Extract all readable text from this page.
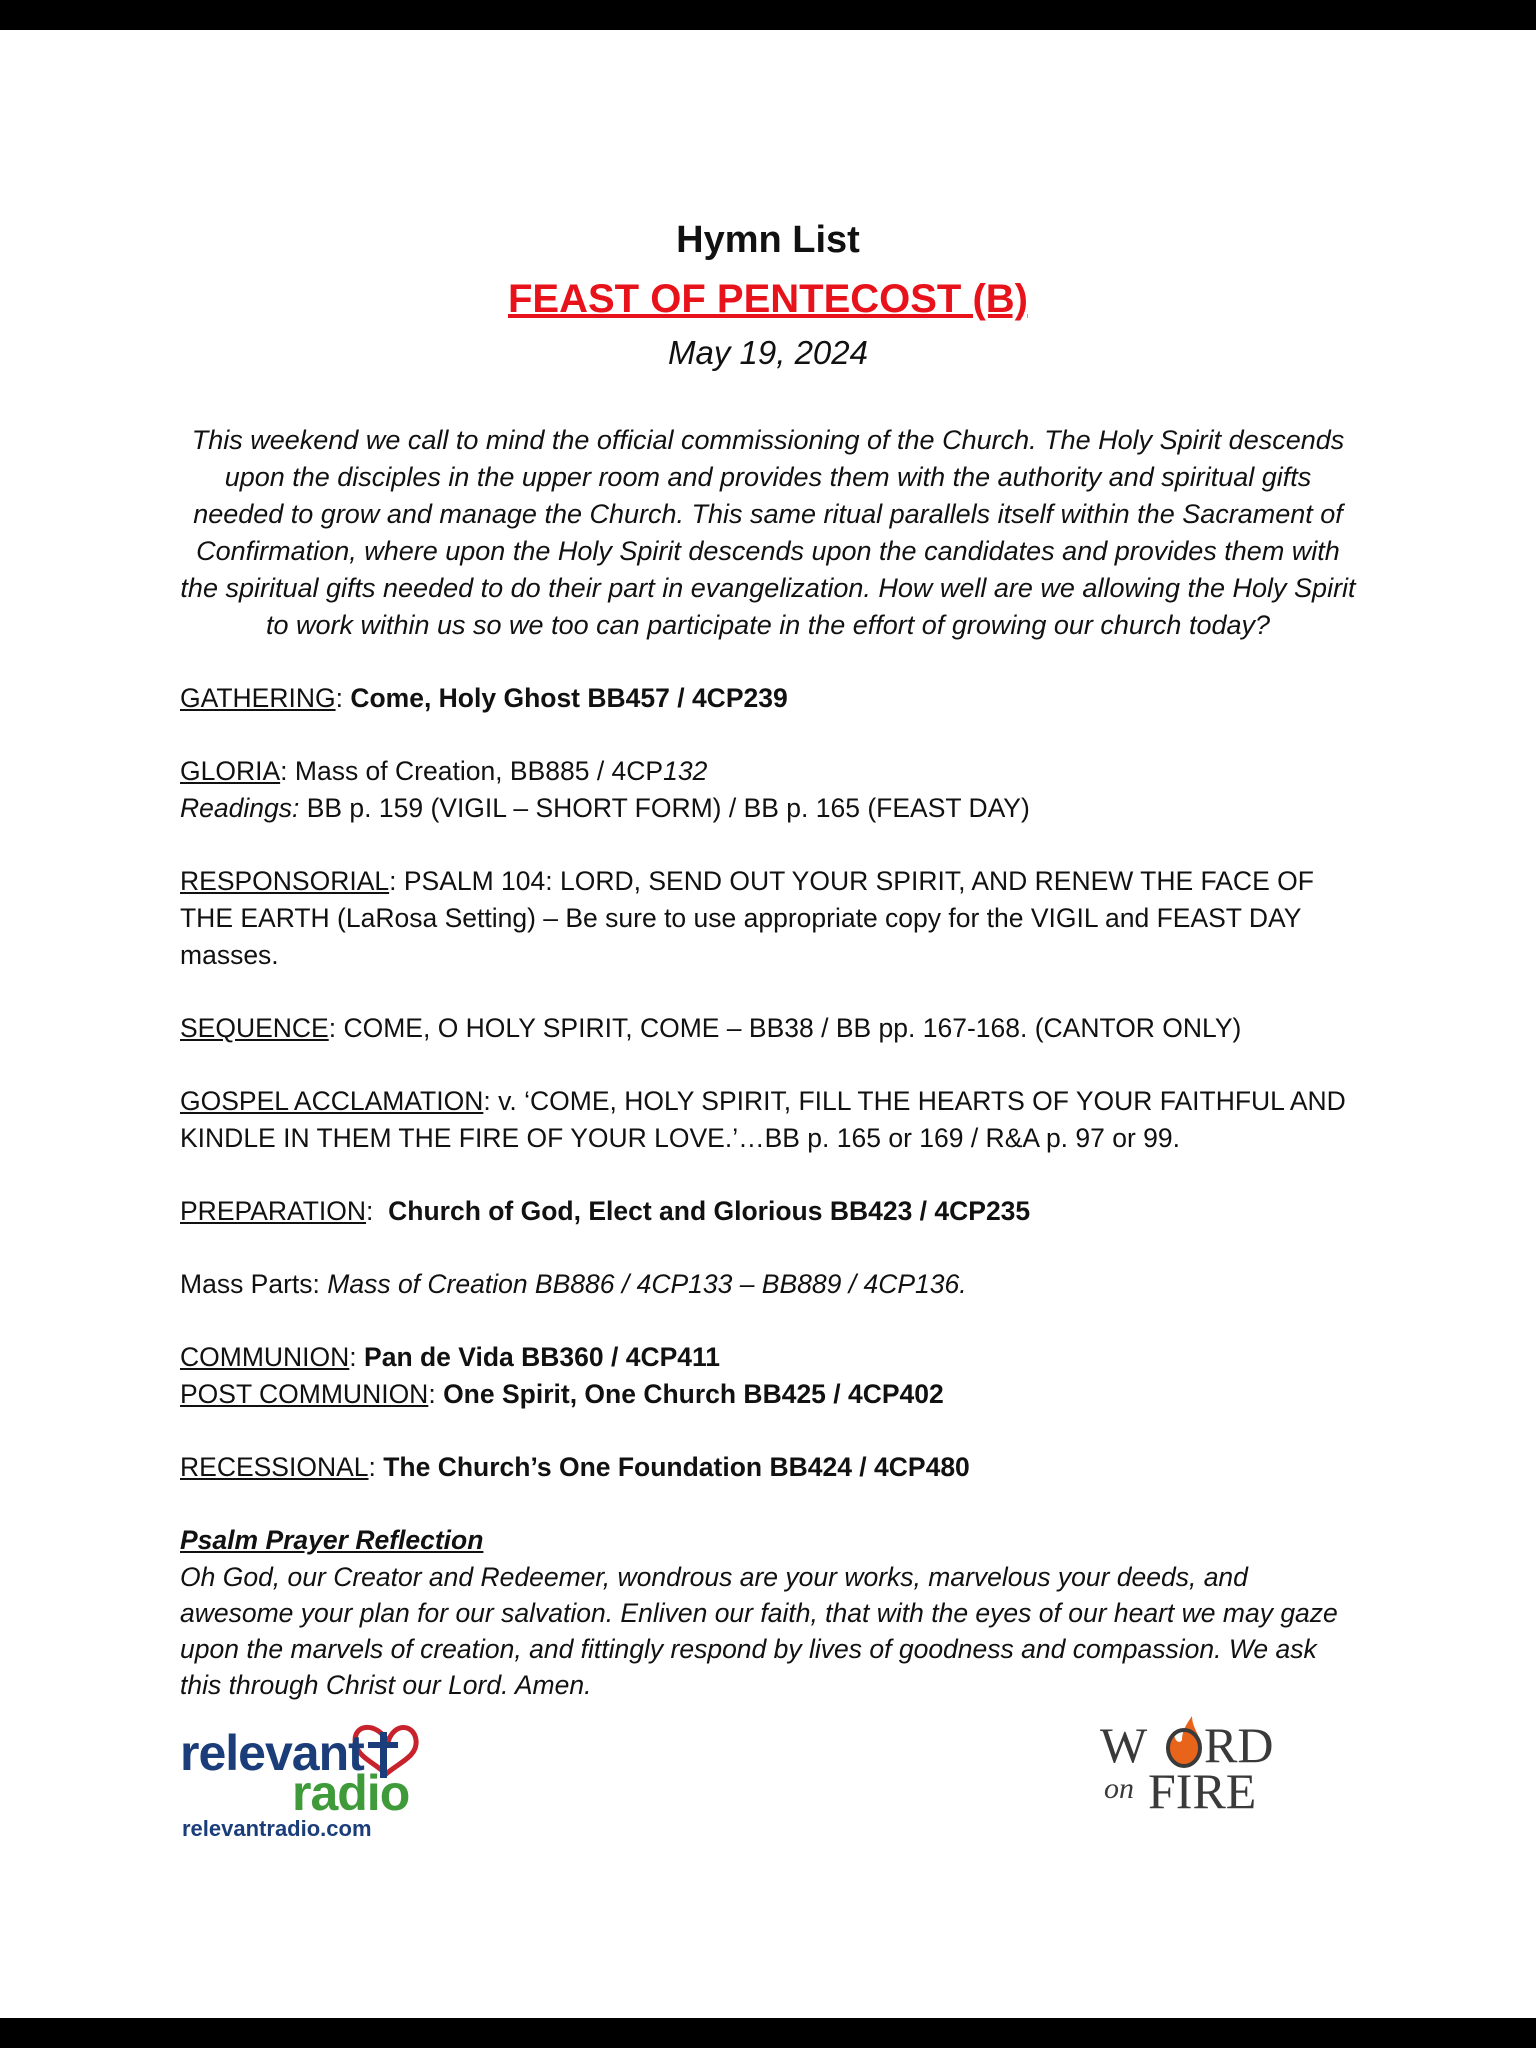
Hymn List
FEAST OF PENTECOST (B)
May 19, 2024
This weekend we call to mind the official commissioning of the Church. The Holy Spirit descends upon the disciples in the upper room and provides them with the authority and spiritual gifts needed to grow and manage the Church. This same ritual parallels itself within the Sacrament of Confirmation, where upon the Holy Spirit descends upon the candidates and provides them with the spiritual gifts needed to do their part in evangelization. How well are we allowing the Holy Spirit to work within us so we too can participate in the effort of growing our church today?
GATHERING: Come, Holy Ghost BB457 / 4CP239
GLORIA: Mass of Creation, BB885 / 4CP132
Readings: BB p. 159 (VIGIL – SHORT FORM) / BB p. 165 (FEAST DAY)
RESPONSORIAL: PSALM 104: LORD, SEND OUT YOUR SPIRIT, AND RENEW THE FACE OF THE EARTH (LaRosa Setting) – Be sure to use appropriate copy for the VIGIL and FEAST DAY masses.
SEQUENCE: COME, O HOLY SPIRIT, COME – BB38 / BB pp. 167-168. (CANTOR ONLY)
GOSPEL ACCLAMATION: v. ‘COME, HOLY SPIRIT, FILL THE HEARTS OF YOUR FAITHFUL AND KINDLE IN THEM THE FIRE OF YOUR LOVE.’…BB p. 165 or 169 / R&A p. 97 or 99.
PREPARATION:  Church of God, Elect and Glorious BB423 / 4CP235
Mass Parts: Mass of Creation BB886 / 4CP133 – BB889 / 4CP136.
COMMUNION: Pan de Vida BB360 / 4CP411
POST COMMUNION: One Spirit, One Church BB425 / 4CP402
RECESSIONAL: The Church’s One Foundation BB424 / 4CP480
Psalm Prayer Reflection
Oh God, our Creator and Redeemer, wondrous are your works, marvelous your deeds, and awesome your plan for our salvation. Enliven our faith, that with the eyes of our heart we may gaze upon the marvels of creation, and fittingly respond by lives of goodness and compassion. We ask this through Christ our Lord. Amen.
relevant
radio
relevantradio.com
W RD
on FIRE
